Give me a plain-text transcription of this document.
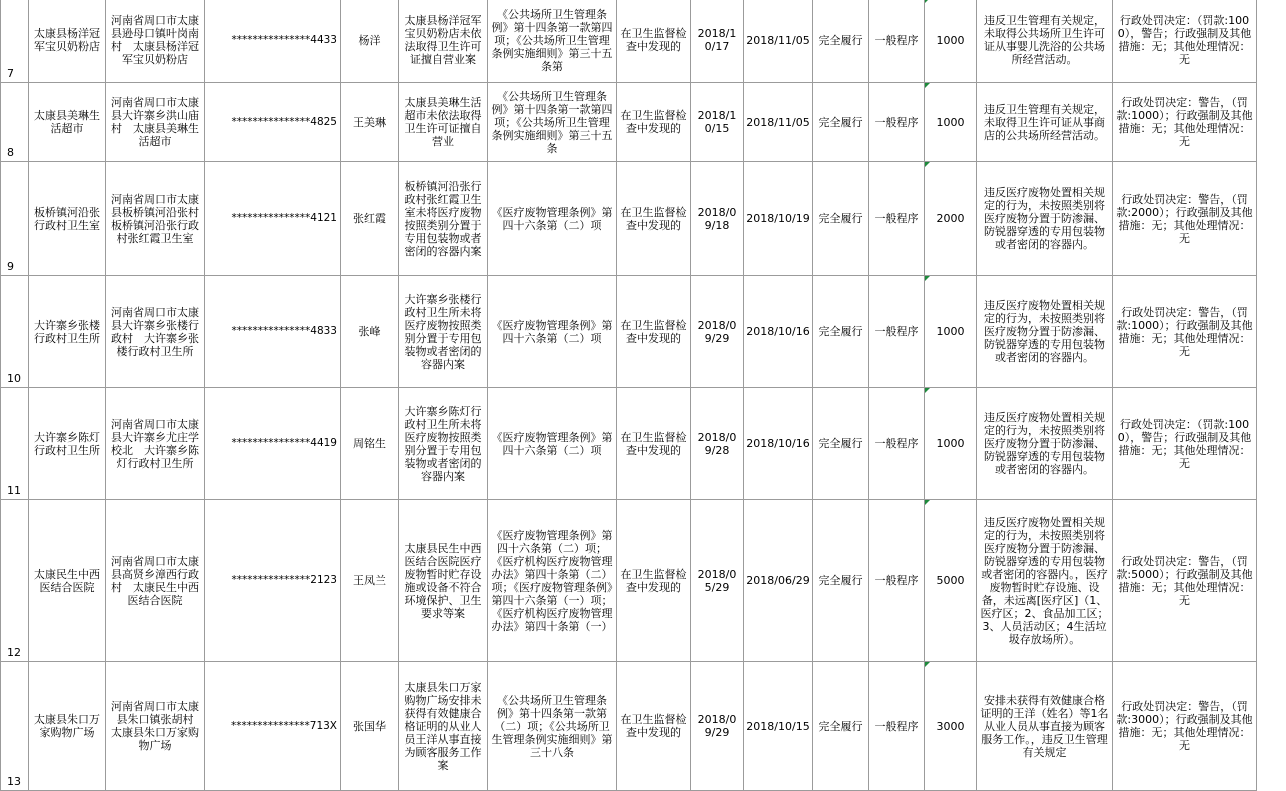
7	太康县杨洋冠军宝贝奶粉店	河南省周口市太康县逊母口镇叶岗南村　太康县杨洋冠军宝贝奶粉店	***************4433	杨洋	太康县杨洋冠军宝贝奶粉店未依法取得卫生许可证擅自营业案	《公共场所卫生管理条例》第十四条第一款第四项；《公共场所卫生管理条例实施细则》第三十五条第	在卫生监督检查中发现的	2018/10/17	2018/11/05	完全履行	一般程序	1000	违反卫生管理有关规定，未取得公共场所卫生许可证从事婴儿洗浴的公共场所经营活动。	行政处罚决定：（罚款:1000），警告；行政强制及其他措施：无；其他处理情况：无
8	太康县美琳生活超市	河南省周口市太康县大许寨乡洪山庙村　太康县美琳生活超市	***************4825	王美琳	太康县美琳生活超市未依法取得卫生许可证擅自营业	《公共场所卫生管理条例》第十四条第一款第四项；《公共场所卫生管理条例实施细则》第三十五条	在卫生监督检查中发现的	2018/10/15	2018/11/05	完全履行	一般程序	1000	违反卫生管理有关规定，未取得卫生许可证从事商店的公共场所经营活动。	行政处罚决定：警告，（罚款:1000）；行政强制及其他措施：无；其他处理情况：无
9	板桥镇河沿张行政村卫生室	河南省周口市太康县板桥镇河沿张村　板桥镇河沿张行政村张红霞卫生室	***************4121	张红霞	板桥镇河沿张行政村张红霞卫生室未将医疗废物按照类别分置于专用包装物或者密闭的容器内案	《医疗废物管理条例》第四十六条第（二）项	在卫生监督检查中发现的	2018/09/18	2018/10/19	完全履行	一般程序	2000	违反医疗废物处置相关规定的行为，未按照类别将医疗废物分置于防渗漏、防锐器穿透的专用包装物或者密闭的容器内。	行政处罚决定：警告，（罚款:2000）；行政强制及其他措施：无；其他处理情况：无
10	大许寨乡张楼行政村卫生所	河南省周口市太康县大许寨乡张楼行政村　大许寨乡张楼行政村卫生所	***************4833	张峰	大许寨乡张楼行政村卫生所未将医疗废物按照类别分置于专用包装物或者密闭的容器内案	《医疗废物管理条例》第四十六条第（二）项	在卫生监督检查中发现的	2018/09/29	2018/10/16	完全履行	一般程序	1000	违反医疗废物处置相关规定的行为，未按照类别将医疗废物分置于防渗漏、防锐器穿透的专用包装物或者密闭的容器内。	行政处罚决定：警告，（罚款:1000）；行政强制及其他措施：无；其他处理情况：无
11	大许寨乡陈灯行政村卫生所	河南省周口市太康县大许寨乡尤庄学校北　大许寨乡陈灯行政村卫生所	***************4419	周铭生	大许寨乡陈灯行政村卫生所未将医疗废物按照类别分置于专用包装物或者密闭的容器内案	《医疗废物管理条例》第四十六条第（二）项	在卫生监督检查中发现的	2018/09/28	2018/10/16	完全履行	一般程序	1000	违反医疗废物处置相关规定的行为，未按照类别将医疗废物分置于防渗漏、防锐器穿透的专用包装物或者密闭的容器内。	行政处罚决定：（罚款:1000），警告；行政强制及其他措施：无；其他处理情况：无
12	太康民生中西医结合医院	河南省周口市太康县高贤乡漳西行政村　太康民生中西医结合医院	***************2123	王凤兰	太康县民生中西医结合医院医疗废物暂时贮存设施或设备不符合环境保护、卫生要求等案	《医疗废物管理条例》第四十六条第（二）项；《医疗机构医疗废物管理办法》第四十条第（二）项；《医疗废物管理条例》第四十六条第（一）项；《医疗机构医疗废物管理办法》第四十条第（一）	在卫生监督检查中发现的	2018/05/29	2018/06/29	完全履行	一般程序	5000	违反医疗废物处置相关规定的行为，未按照类别将医疗废物分置于防渗漏、防锐器穿透的专用包装物或者密闭的容器内。，医疗废物暂时贮存设施、设备，未远离[医疗区]（1、医疗区；2、食品加工区；3、人员活动区；4生活垃圾存放场所）。	行政处罚决定：警告，（罚款:5000）；行政强制及其他措施：无；其他处理情况：无
13	太康县朱口万家购物广场	河南省周口市太康县朱口镇张胡村　太康县朱口万家购物广场	***************713X	张国华	太康县朱口万家购物广场安排未获得有效健康合格证明的从业人员王洋从事直接为顾客服务工作案	《公共场所卫生管理条例》第十四条第一款第（二）项；《公共场所卫生管理条例实施细则》第三十八条	在卫生监督检查中发现的	2018/09/29	2018/10/15	完全履行	一般程序	3000	安排未获得有效健康合格证明的王洋（姓名）等1名从业人员从事直接为顾客服务工作。，违反卫生管理有关规定	行政处罚决定：警告，（罚款:3000）；行政强制及其他措施：无；其他处理情况：无
